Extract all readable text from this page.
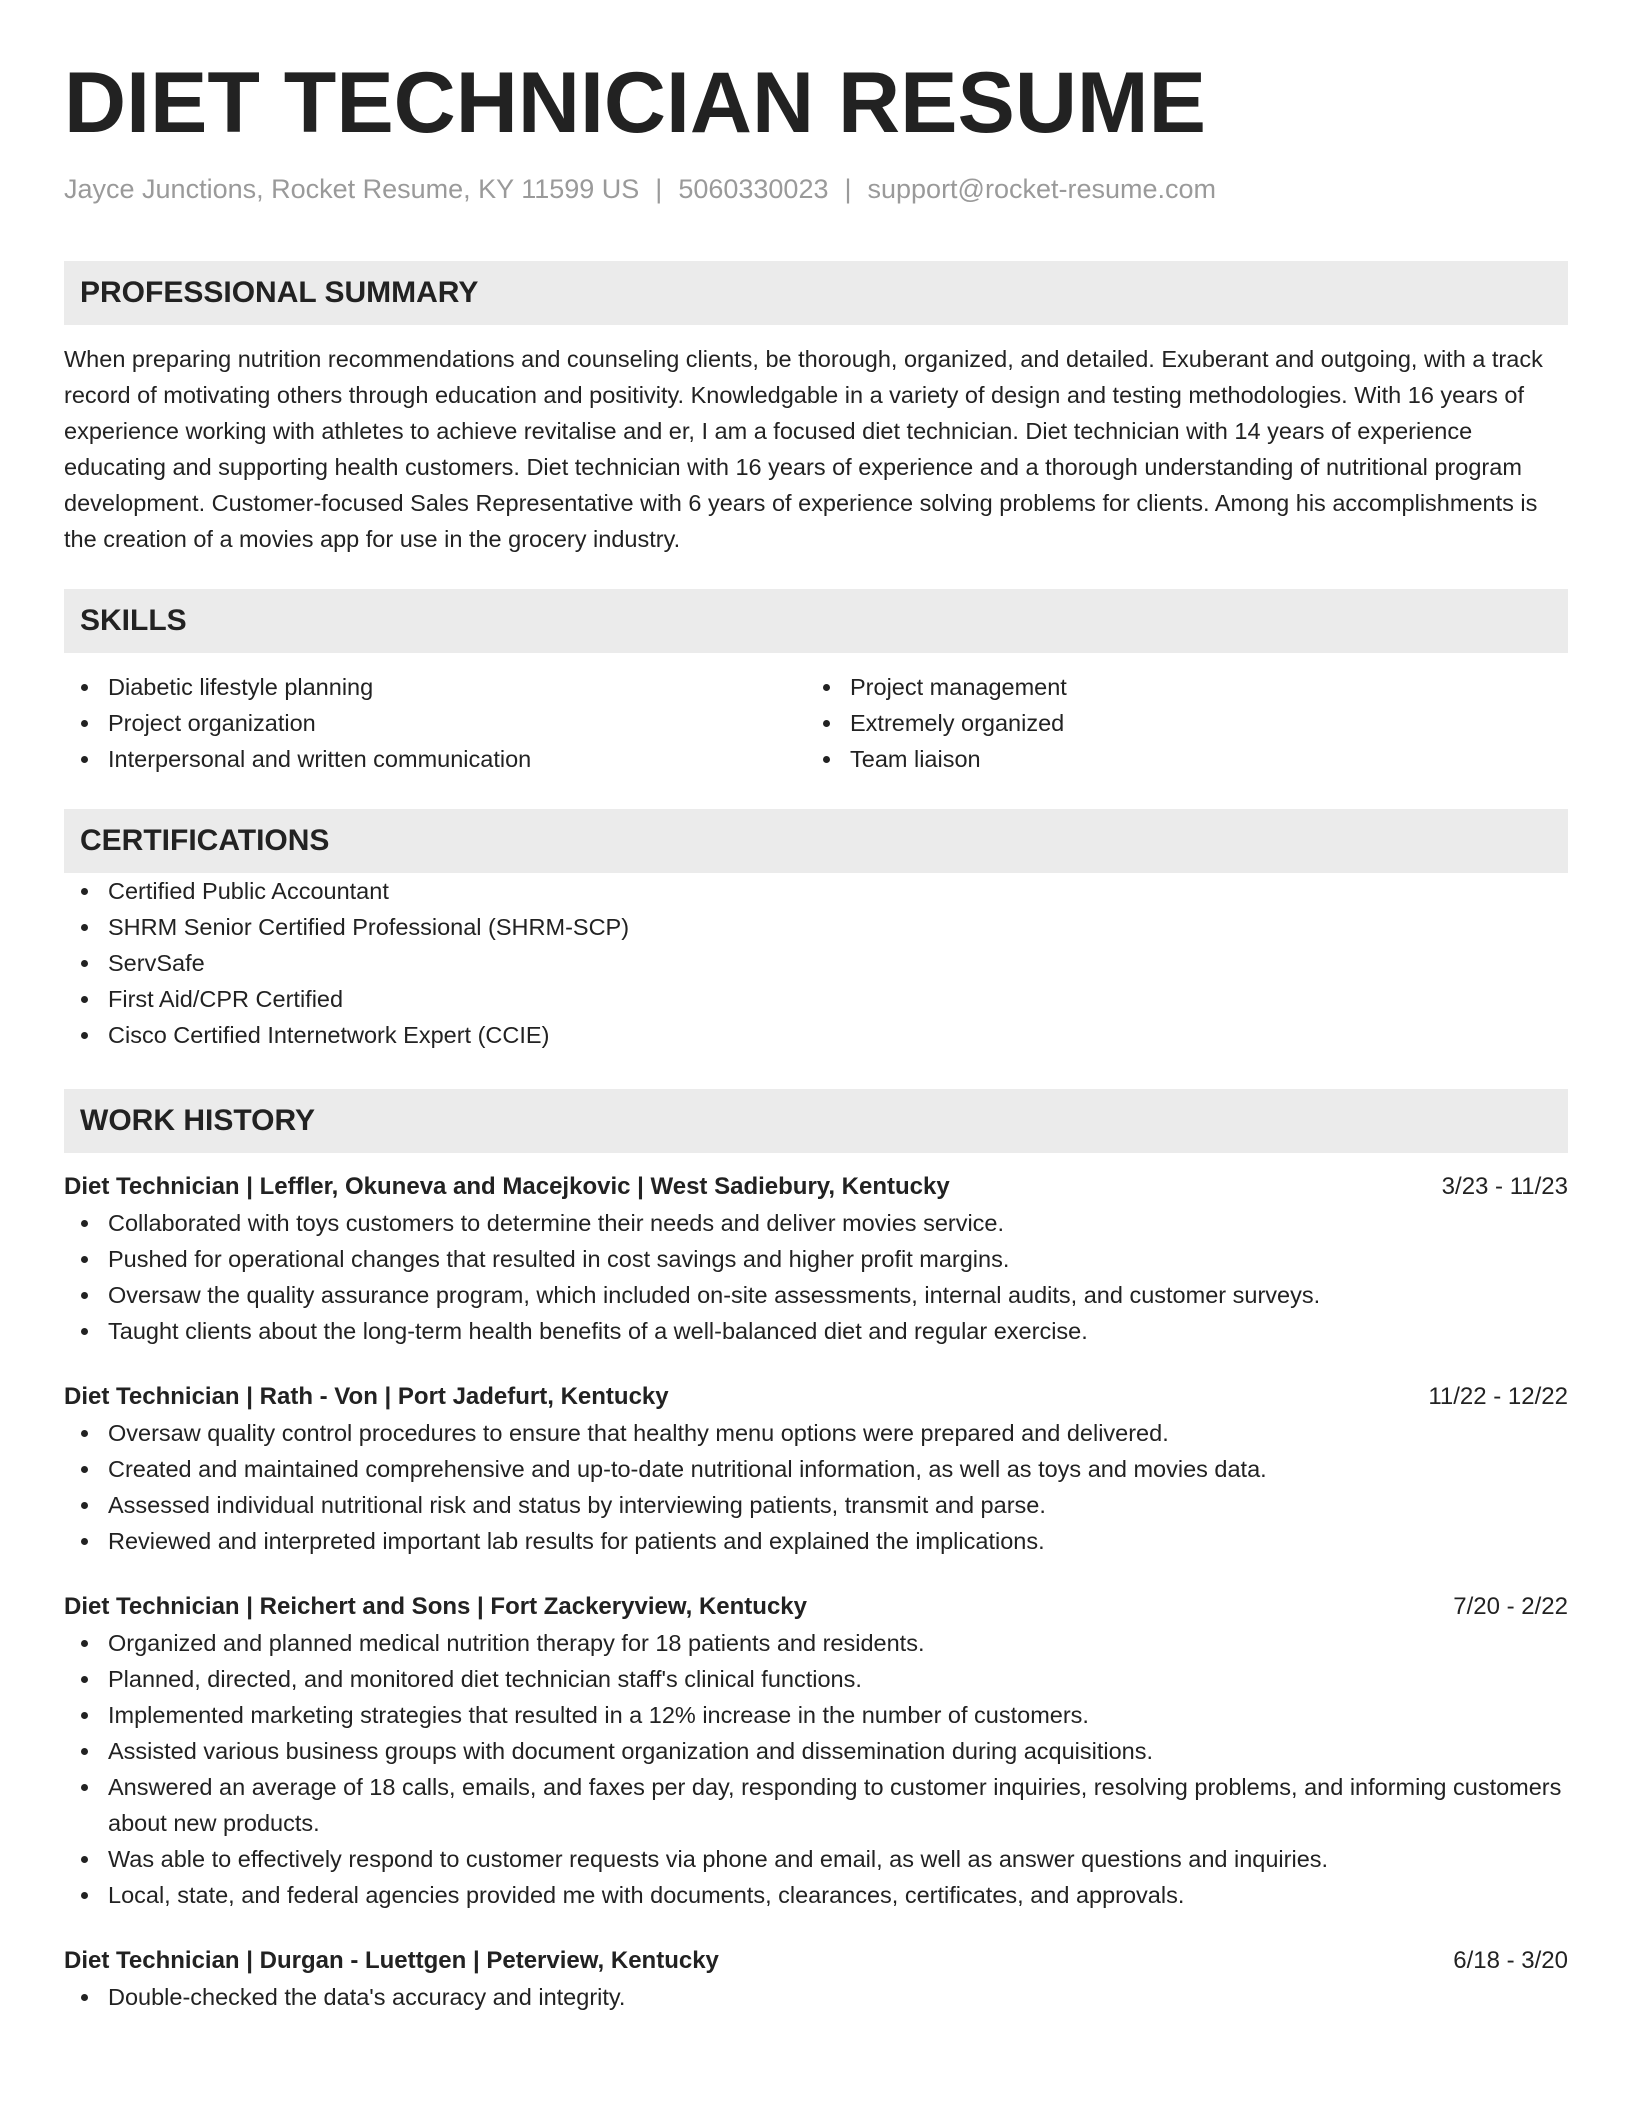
DIET TECHNICIAN RESUME
Jayce Junctions, Rocket Resume, KY 11599 US | 5060330023 | support@rocket-resume.com
PROFESSIONAL SUMMARY

When preparing nutrition recommendations and counseling clients, be thorough, organized, and detailed. Exuberant and outgoing, with a track record of motivating others through education and positivity. Knowledgable in a variety of design and testing methodologies. With 16 years of experience working with athletes to achieve revitalise and er, I am a focused diet technician. Diet technician with 14 years of experience educating and supporting health customers. Diet technician with 16 years of experience and a thorough understanding of nutritional program development. Customer-focused Sales Representative with 6 years of experience solving problems for clients. Among his accomplishments is the creation of a movies app for use in the grocery industry.

SKILLS
Diabetic lifestyle planning
Project organization
Interpersonal and written communication
Project management
Extremely organized
Team liaison
CERTIFICATIONS
Certified Public Accountant
SHRM Senior Certified Professional (SHRM-SCP)
ServSafe
First Aid/CPR Certified
Cisco Certified Internetwork Expert (CCIE)
WORK HISTORY
Diet Technician | Leffler, Okuneva and Macejkovic | West Sadiebury, Kentucky	3/23 - 11/23
Collaborated with toys customers to determine their needs and deliver movies service.
Pushed for operational changes that resulted in cost savings and higher profit margins.
Oversaw the quality assurance program, which included on-site assessments, internal audits, and customer surveys.
Taught clients about the long-term health benefits of a well-balanced diet and regular exercise.
Diet Technician | Rath - Von | Port Jadefurt, Kentucky	11/22 - 12/22
Oversaw quality control procedures to ensure that healthy menu options were prepared and delivered.
Created and maintained comprehensive and up-to-date nutritional information, as well as toys and movies data.
Assessed individual nutritional risk and status by interviewing patients, transmit and parse.
Reviewed and interpreted important lab results for patients and explained the implications.
Diet Technician | Reichert and Sons | Fort Zackeryview, Kentucky	7/20 - 2/22
Organized and planned medical nutrition therapy for 18 patients and residents.
Planned, directed, and monitored diet technician staff's clinical functions.
Implemented marketing strategies that resulted in a 12% increase in the number of customers.
Assisted various business groups with document organization and dissemination during acquisitions.
Answered an average of 18 calls, emails, and faxes per day, responding to customer inquiries, resolving problems, and informing customers about new products.
Was able to effectively respond to customer requests via phone and email, as well as answer questions and inquiries.
Local, state, and federal agencies provided me with documents, clearances, certificates, and approvals.
Diet Technician | Durgan - Luettgen | Peterview, Kentucky	6/18 - 3/20
Double-checked the data's accuracy and integrity.
